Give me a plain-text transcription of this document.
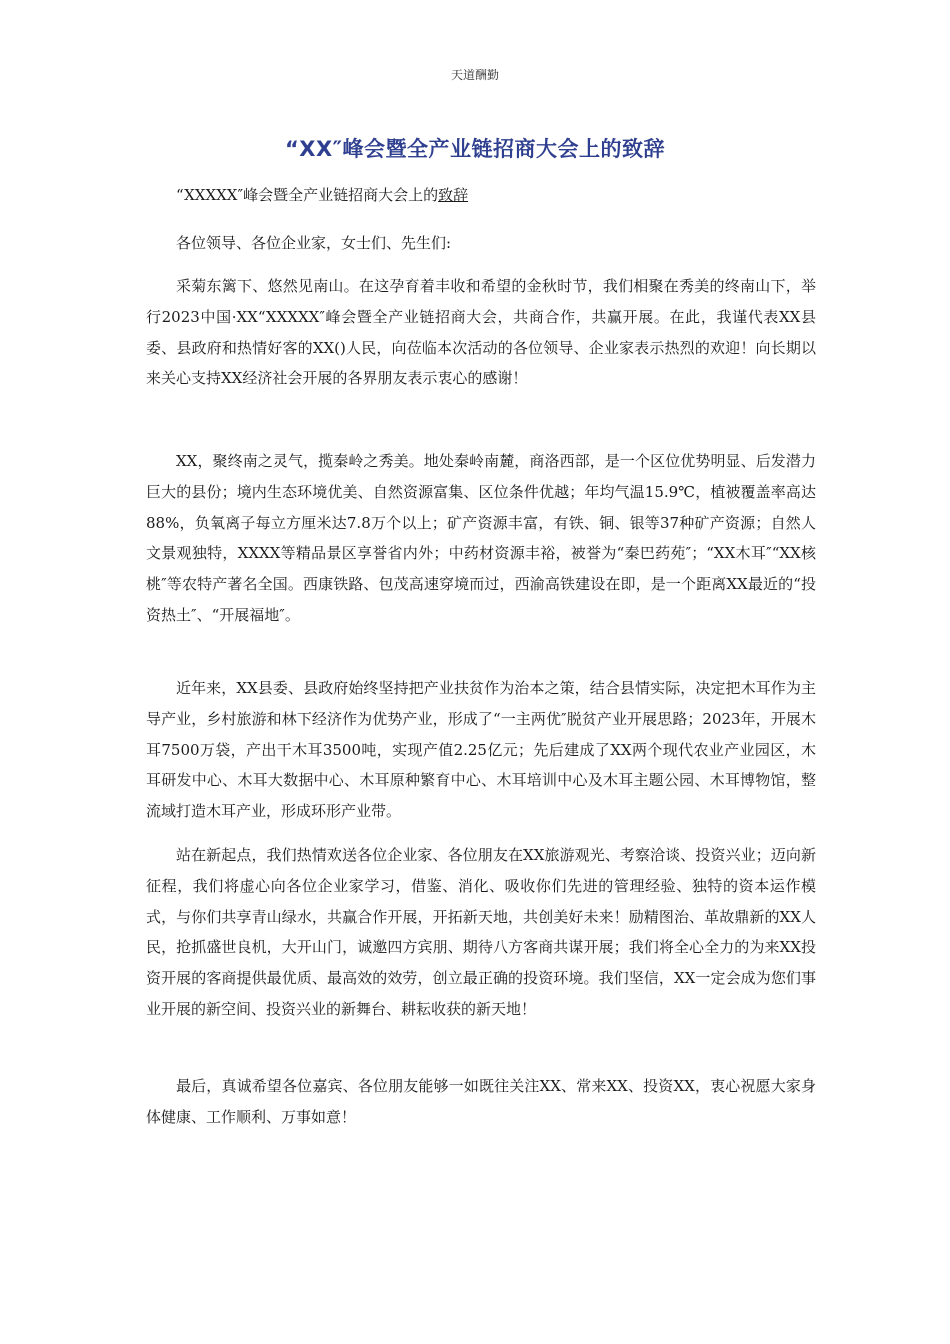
天道酬勤
“XX″峰会暨全产业链招商大会上的致辞

“XXXXX″峰会暨全产业链招商大会上的致辞

各位领导、各位企业家，女士们、先生们:

采菊东篱下、悠然见南山。在这孕育着丰收和希望的金秋时节，我们相聚在秀美的终南山下，举行2023中国·XX“XXXXX″峰会暨全产业链招商大会，共商合作，共赢开展。在此，我谨代表XX县委、县政府和热情好客的XX()人民，向莅临本次活动的各位领导、企业家表示热烈的欢迎！向长期以来关心支持XX经济社会开展的各界朋友表示衷心的感谢！

XX，聚终南之灵气，揽秦岭之秀美。地处秦岭南麓，商洛西部，是一个区位优势明显、后发潜力巨大的县份；境内生态环境优美、自然资源富集、区位条件优越；年均气温15.9℃，植被覆盖率高达88%，负氧离子每立方厘米达7.8万个以上；矿产资源丰富，有铁、铜、银等37种矿产资源；自然人文景观独特，XXXX等精品景区享誉省内外；中药材资源丰裕，被誉为“秦巴药苑″；“XX木耳″“XX核桃″等农特产著名全国。西康铁路、包茂高速穿境而过，西渝高铁建设在即，是一个距离XX最近的“投资热土″、“开展福地″。

近年来，XX县委、县政府始终坚持把产业扶贫作为治本之策，结合县情实际，决定把木耳作为主导产业，乡村旅游和林下经济作为优势产业，形成了“一主两优″脱贫产业开展思路；2023年，开展木耳7500万袋，产出干木耳3500吨，实现产值2.25亿元；先后建成了XX两个现代农业产业园区，木耳研发中心、木耳大数据中心、木耳原种繁育中心、木耳培训中心及木耳主题公园、木耳博物馆，整流域打造木耳产业，形成环形产业带。

站在新起点，我们热情欢送各位企业家、各位朋友在XX旅游观光、考察洽谈、投资兴业；迈向新征程，我们将虚心向各位企业家学习，借鉴、消化、吸收你们先进的管理经验、独特的资本运作模式，与你们共享青山绿水，共赢合作开展，开拓新天地，共创美好未来！励精图治、革故鼎新的XX人民，抢抓盛世良机，大开山门，诚邀四方宾朋、期待八方客商共谋开展；我们将全心全力的为来XX投资开展的客商提供最优质、最高效的效劳，创立最正确的投资环境。我们坚信，XX一定会成为您们事业开展的新空间、投资兴业的新舞台、耕耘收获的新天地！

最后，真诚希望各位嘉宾、各位朋友能够一如既往关注XX、常来XX、投资XX，衷心祝愿大家身体健康、工作顺利、万事如意！
